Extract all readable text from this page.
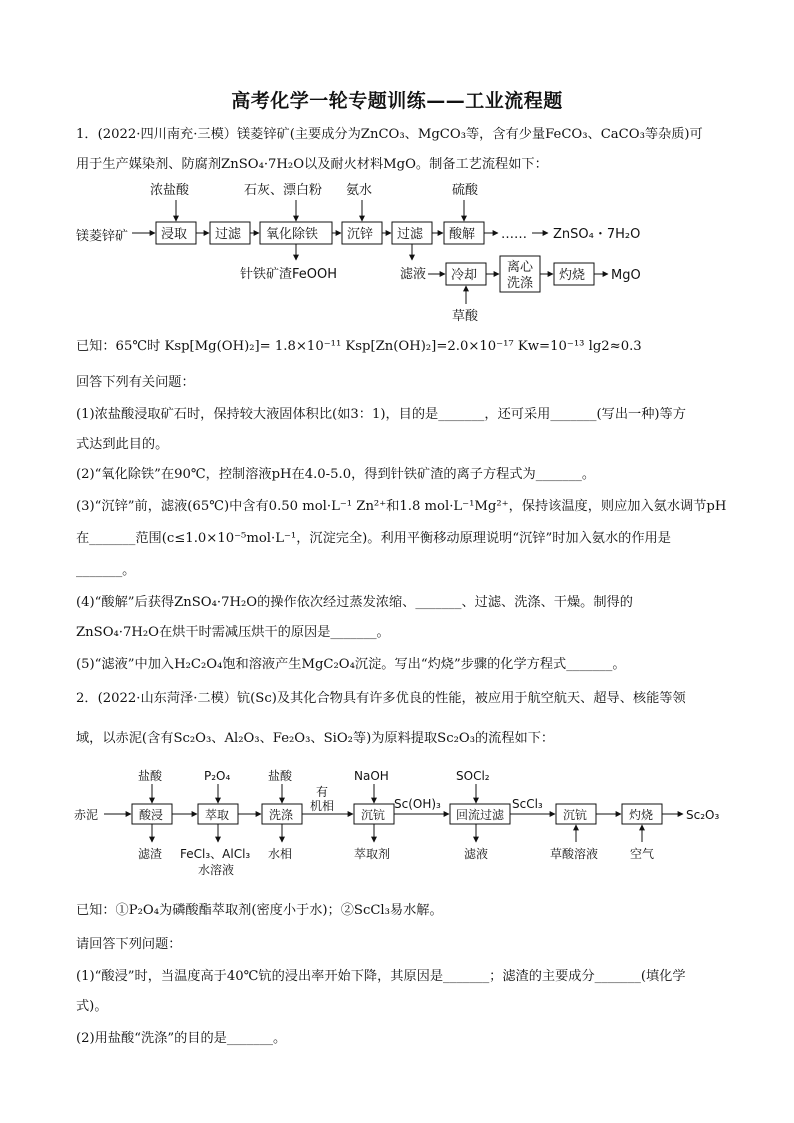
高考化学一轮专题训练——工业流程题
1．(2022·四川南充·三模）镁菱锌矿(主要成分为ZnCO₃、MgCO₃等，含有少量FeCO₃、CaCO₃等杂质)可
用于生产媒染剂、防腐剂ZnSO₄·7H₂O以及耐火材料MgO。制备工艺流程如下：
浓盐酸	石灰、漂白粉 氨水	硫酸
镁菱锌矿	浸取 过滤 氧化除铁 沉锌 过滤 酸解 …… ZnSO₄・7H₂O
针铁矿渣FeOOH	滤液 冷却
离心
洗涤
灼烧 MgO
草酸
已知：65℃时 Ksp[Mg(OH)₂]= 1.8×10⁻¹¹ Ksp[Zn(OH)₂]=2.0×10⁻¹⁷ Kw=10⁻¹³ lg2≈0.3
回答下列有关问题：
(1)浓盐酸浸取矿石时，保持较大液固体积比(如3：1)，目的是_______，还可采用_______(写出一种)等方
式达到此目的。
(2)“氧化除铁”在90℃，控制溶液pH在4.0-5.0，得到针铁矿渣的离子方程式为_______。
(3)“沉锌”前，滤液(65℃)中含有0.50 mol·L⁻¹ Zn²⁺和1.8 mol·L⁻¹Mg²⁺，保持该温度，则应加入氨水调节pH
在_______范围(c≤1.0×10⁻⁵mol·L⁻¹，沉淀完全)。利用平衡移动原理说明“沉锌”时加入氨水的作用是
_______。
(4)“酸解”后获得ZnSO₄·7H₂O的操作依次经过蒸发浓缩、_______、过滤、洗涤、干燥。制得的
ZnSO₄·7H₂O在烘干时需减压烘干的原因是_______。
(5)“滤液”中加入H₂C₂O₄饱和溶液产生MgC₂O₄沉淀。写出“灼烧”步骤的化学方程式_______。
2．(2022·山东菏泽·二模）钪(Sc)及其化合物具有许多优良的性能，被应用于航空航天、超导、核能等领
域，以赤泥(含有Sc₂O₃、Al₂O₃、Fe₂O₃、SiO₂等)为原料提取Sc₂O₃的流程如下：
盐酸	P₂O₄	盐酸	NaOH	SOCl₂
赤泥	酸浸	萃取	洗涤
有
机相
沉钪
Sc(OH)₃
回流过滤
ScCl₃
沉钪	灼烧	Sc₂O₃
滤渣 FeCl₃、AlCl₃
水溶液
水相	萃取剂	滤液	草酸溶液	空气
已知：①P₂O₄为磷酸酯萃取剂(密度小于水)；②ScCl₃易水解。
请回答下列问题：
(1)“酸浸”时，当温度高于40℃钪的浸出率开始下降，其原因是_______；滤渣的主要成分_______(填化学
式)。
(2)用盐酸“洗涤”的目的是_______。
